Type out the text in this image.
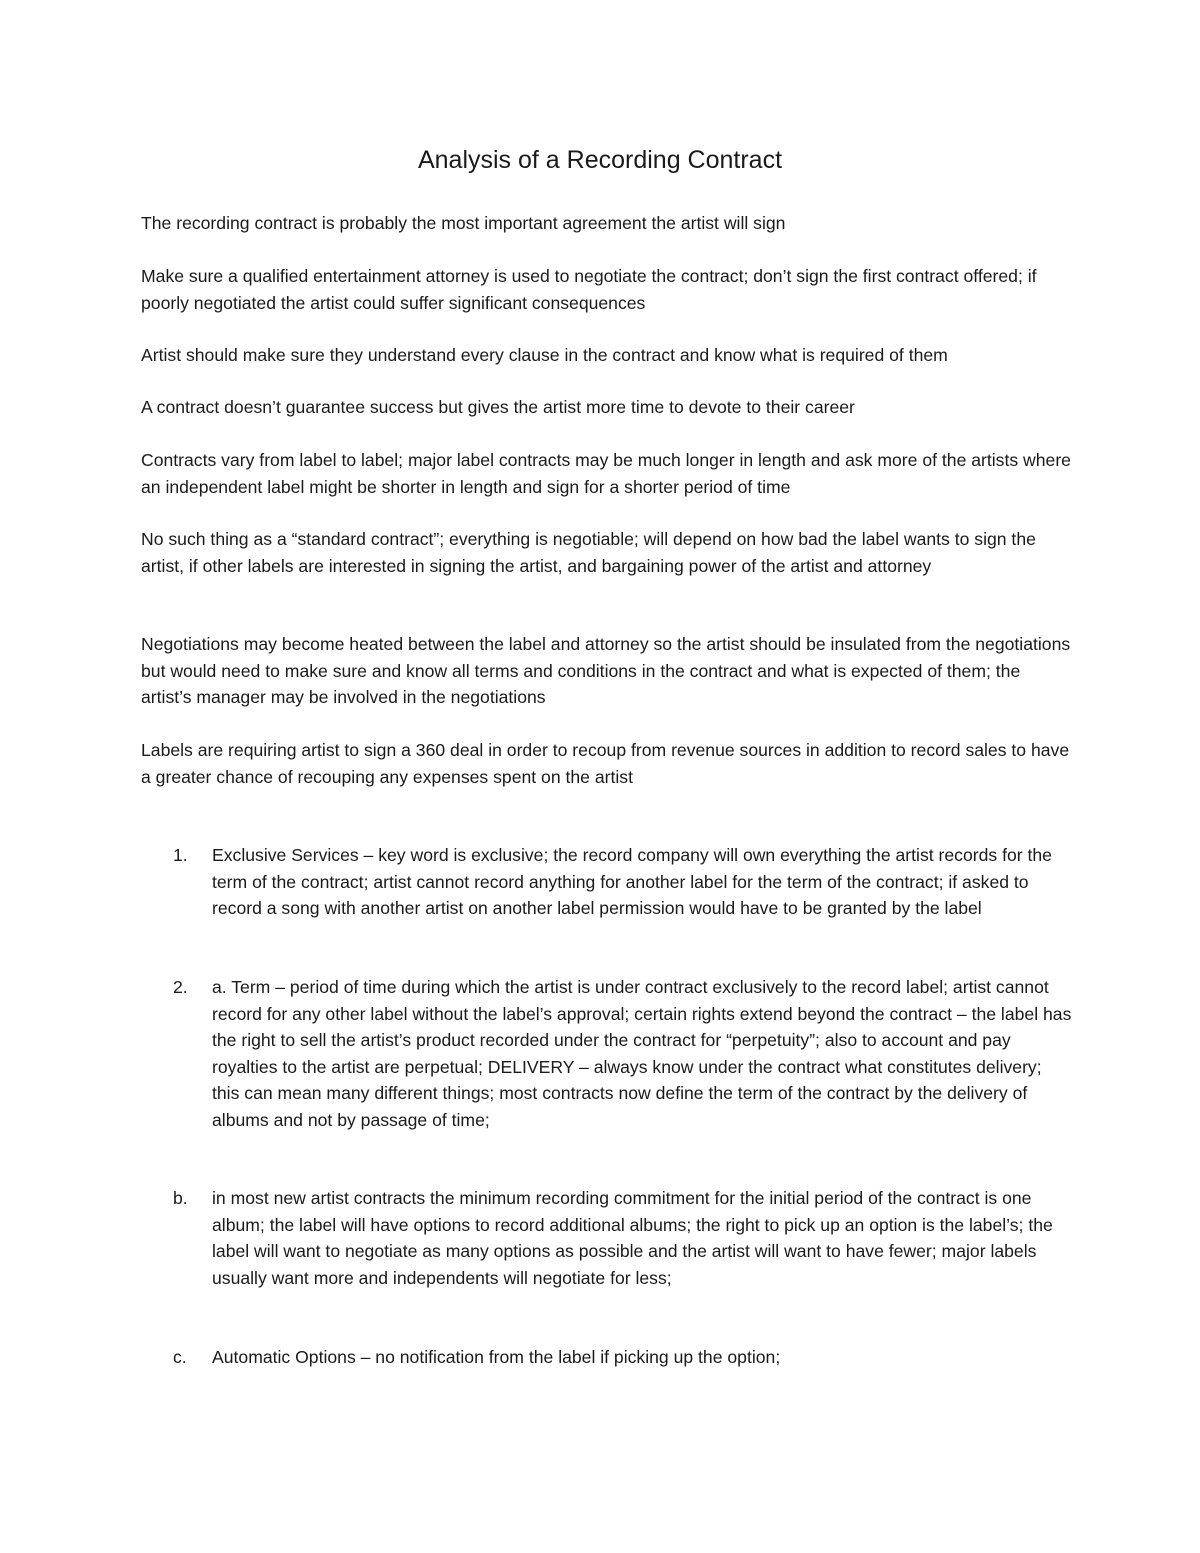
Analysis of a Recording Contract

The recording contract is probably the most important agreement the artist will sign

Make sure a qualified entertainment attorney is used to negotiate the contract; don’t sign the first contract offered; if poorly negotiated the artist could suffer significant consequences

Artist should make sure they understand every clause in the contract and know what is required of them

A contract doesn’t guarantee success but gives the artist more time to devote to their career

Contracts vary from label to label; major label contracts may be much longer in length and ask more of the artists where an independent label might be shorter in length and sign for a shorter period of time

No such thing as a “standard contract”; everything is negotiable; will depend on how bad the label wants to sign the artist, if other labels are interested in signing the artist, and bargaining power of the artist and attorney

Negotiations may become heated between the label and attorney so the artist should be insulated from the negotiations but would need to make sure and know all terms and conditions in the contract and what is expected of them; the artist’s manager may be involved in the negotiations

Labels are requiring artist to sign a 360 deal in order to recoup from revenue sources in addition to record sales to have a greater chance of recouping any expenses spent on the artist

1. Exclusive Services – key word is exclusive; the record company will own everything the artist records for the term of the contract; artist cannot record anything for another label for the term of the contract; if asked to record a song with another artist on another label permission would have to be granted by the label
2. a. Term – period of time during which the artist is under contract exclusively to the record label; artist cannot record for any other label without the label’s approval; certain rights extend beyond the contract – the label has the right to sell the artist’s product recorded under the contract for “perpetuity”; also to account and pay royalties to the artist are perpetual; DELIVERY – always know under the contract what constitutes delivery; this can mean many different things; most contracts now define the term of the contract by the delivery of albums and not by passage of time;
b. in most new artist contracts the minimum recording commitment for the initial period of the contract is one album; the label will have options to record additional albums; the right to pick up an option is the label’s; the label will want to negotiate as many options as possible and the artist will want to have fewer; major labels usually want more and independents will negotiate for less;
c. Automatic Options – no notification from the label if picking up the option;
